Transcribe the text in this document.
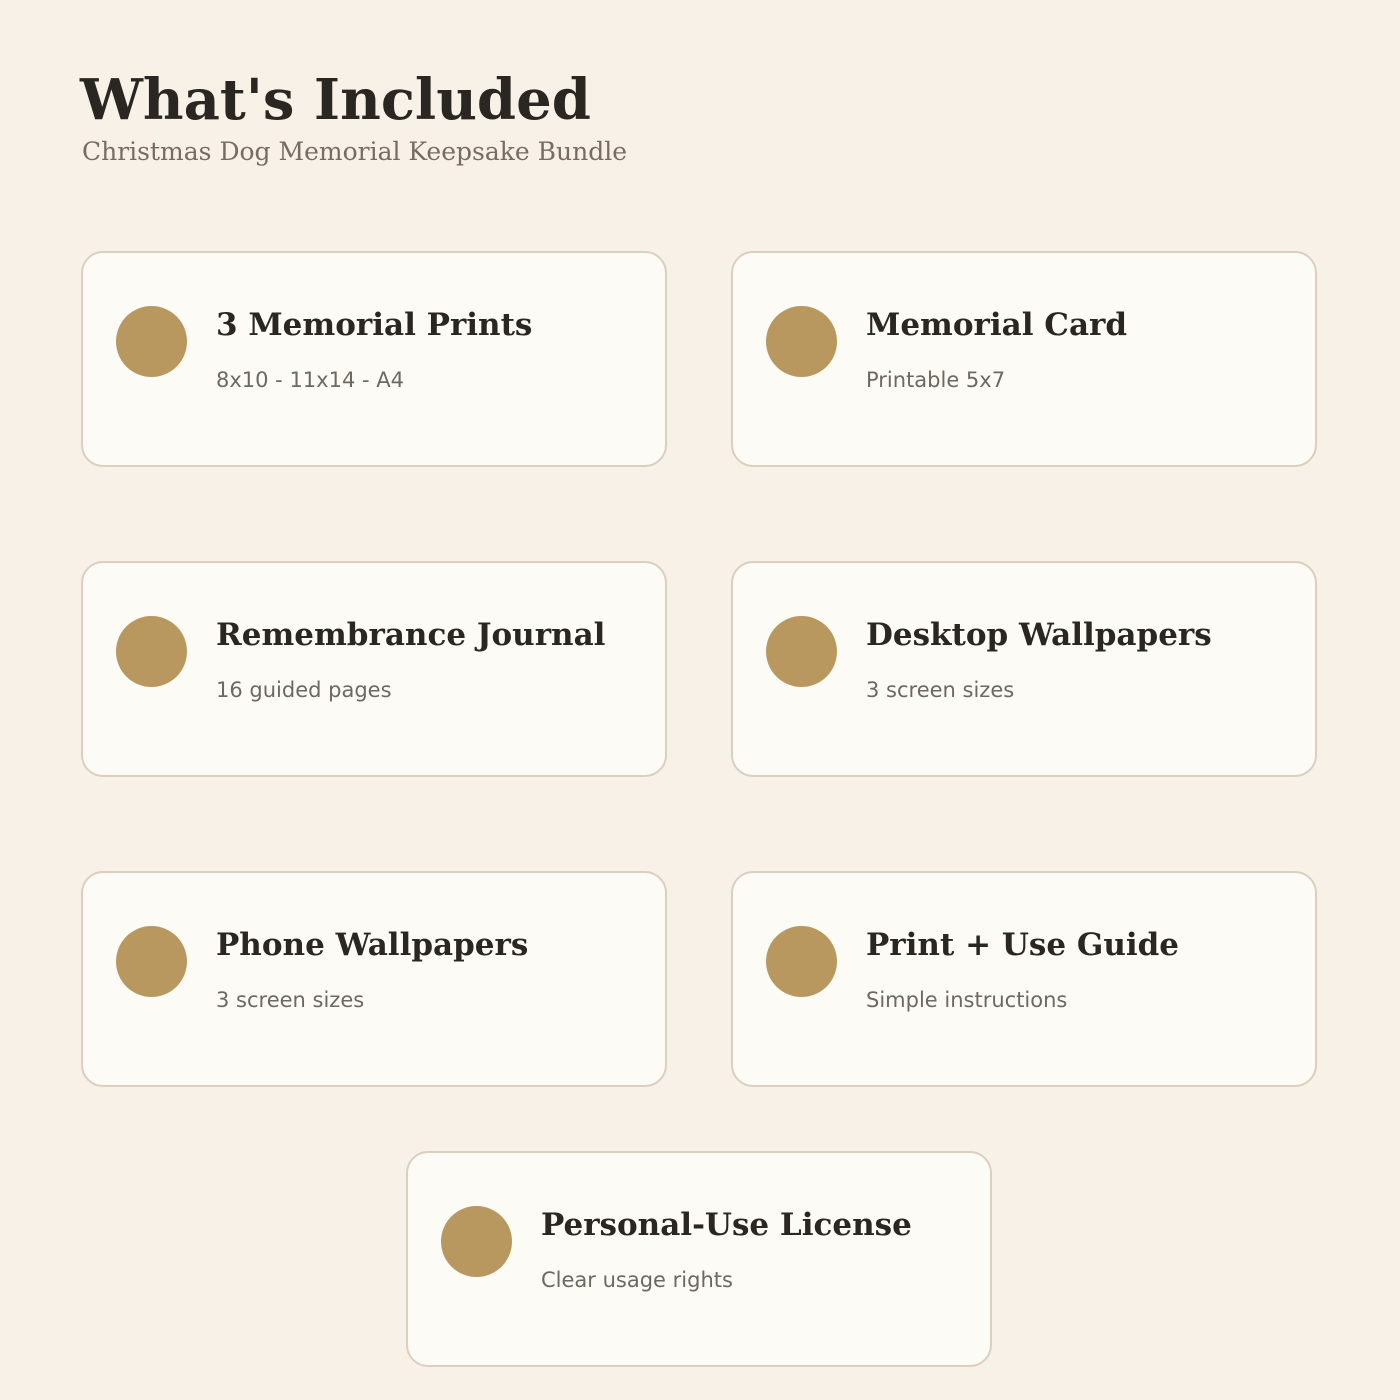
What's Included

Christmas Dog Memorial Keepsake Bundle

3 Memorial Prints

8x10 - 11x14 - A4

Memorial Card

Printable 5x7

Remembrance Journal

16 guided pages

Desktop Wallpapers

3 screen sizes

Phone Wallpapers

3 screen sizes

Print + Use Guide

Simple instructions

Personal-Use License

Clear usage rights
